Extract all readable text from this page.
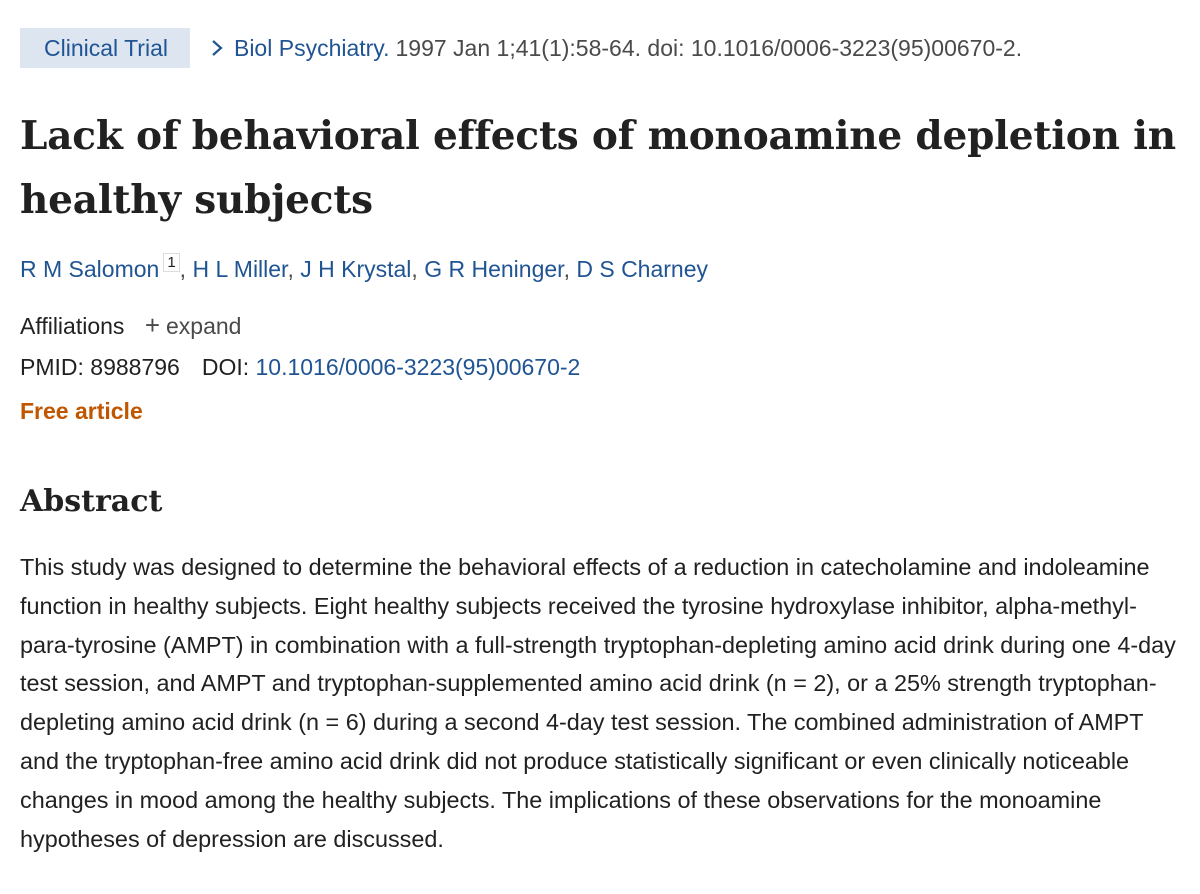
Clinical Trial	Biol Psychiatry. 1997 Jan 1;41(1):58-64. doi: 10.1016/0006-3223(95)00670-2.
Lack of behavioral effects of monoamine depletion in healthy subjects
R M Salomon $^1$ , H L Miller, J H Krystal, G R Heninger, D S Charney
Affiliations + expand
PMID: 8988796 DOI: 10.1016/0006-3223(95)00670-2
Free article
Abstract

This study was designed to determine the behavioral effects of a reduction in catecholamine and indoleamine function in healthy subjects. Eight healthy subjects received the tyrosine hydroxylase inhibitor, alpha-methyl-para-tyrosine (AMPT) in combination with a full-strength tryptophan-depleting amino acid drink during one 4-day test session, and AMPT and tryptophan-supplemented amino acid drink (n = 2), or a 25% strength tryptophan-depleting amino acid drink (n = 6) during a second 4-day test session. The combined administration of AMPT and the tryptophan-free amino acid drink did not produce statistically significant or even clinically noticeable changes in mood among the healthy subjects. The implications of these observations for the monoamine hypotheses of depression are discussed.
